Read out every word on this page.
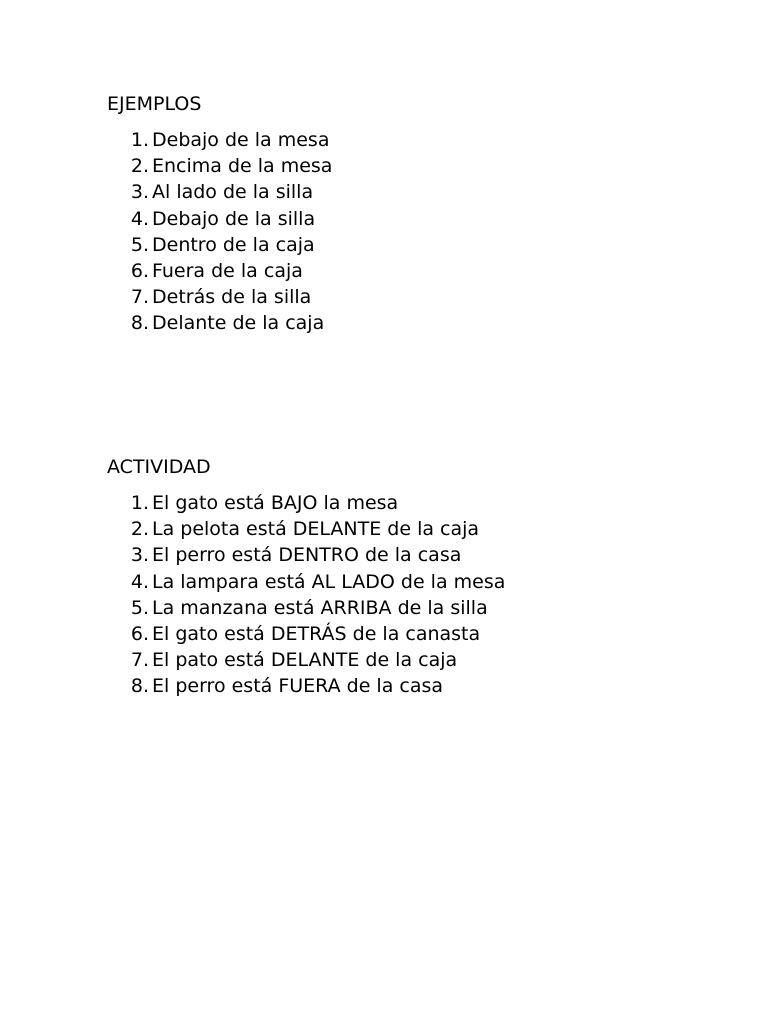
EJEMPLOS
1. Debajo de la mesa
2. Encima de la mesa
3. Al lado de la silla
4. Debajo de la silla
5. Dentro de la caja
6. Fuera de la caja
7. Detrás de la silla
8. Delante de la caja
ACTIVIDAD
1. El gato está BAJO la mesa
2. La pelota está DELANTE de la caja
3. El perro está DENTRO de la casa
4. La lampara está AL LADO de la mesa
5. La manzana está ARRIBA de la silla
6. El gato está DETRÁS de la canasta
7. El pato está DELANTE de la caja
8. El perro está FUERA de la casa
